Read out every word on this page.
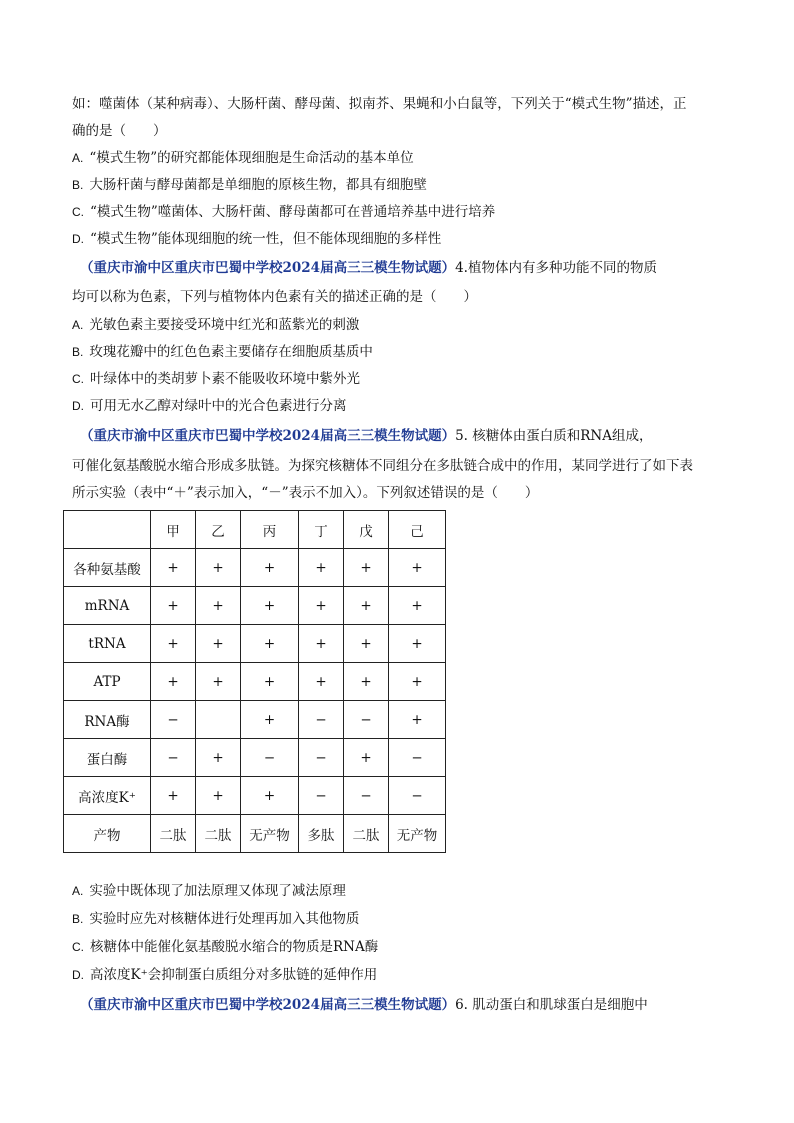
如：噬菌体（某种病毒）、大肠杆菌、酵母菌、拟南芥、果蝇和小白鼠等，下列关于“模式生物”描述，正
确的是（　　）
A. “模式生物”的研究都能体现细胞是生命活动的基本单位
B. 大肠杆菌与酵母菌都是单细胞的原核生物，都具有细胞壁
C. “模式生物”噬菌体、大肠杆菌、酵母菌都可在普通培养基中进行培养
D. “模式生物”能体现细胞的统一性，但不能体现细胞的多样性
（重庆市渝中区重庆市巴蜀中学校2024届高三三模生物试题）4.植物体内有多种功能不同的物质
均可以称为色素，下列与植物体内色素有关的描述正确的是（　　）
A. 光敏色素主要接受环境中红光和蓝紫光的刺激
B. 玫瑰花瓣中的红色色素主要储存在细胞质基质中
C. 叶绿体中的类胡萝卜素不能吸收环境中紫外光
D. 可用无水乙醇对绿叶中的光合色素进行分离
（重庆市渝中区重庆市巴蜀中学校2024届高三三模生物试题）5. 核糖体由蛋白质和RNA组成，
可催化氨基酸脱水缩合形成多肽链。为探究核糖体不同组分在多肽链合成中的作用，某同学进行了如下表
所示实验（表中“＋”表示加入，“－”表示不加入）。下列叙述错误的是（　　）
	甲	乙	丙	丁	戊	己
各种氨基酸	+	+	+	+	+	+
mRNA	+	+	+	+	+	+
tRNA	+	+	+	+	+	+
ATP	+	+	+	+	+	+
RNA酶	−		+	−	−	+
蛋白酶	−	+	−	−	+	−
高浓度K⁺	+	+	+	−	−	−
产物	二肽	二肽	无产物	多肽	二肽	无产物
A. 实验中既体现了加法原理又体现了减法原理
B. 实验时应先对核糖体进行处理再加入其他物质
C. 核糖体中能催化氨基酸脱水缩合的物质是RNA酶
D. 高浓度K⁺会抑制蛋白质组分对多肽链的延伸作用
（重庆市渝中区重庆市巴蜀中学校2024届高三三模生物试题）6. 肌动蛋白和肌球蛋白是细胞中
